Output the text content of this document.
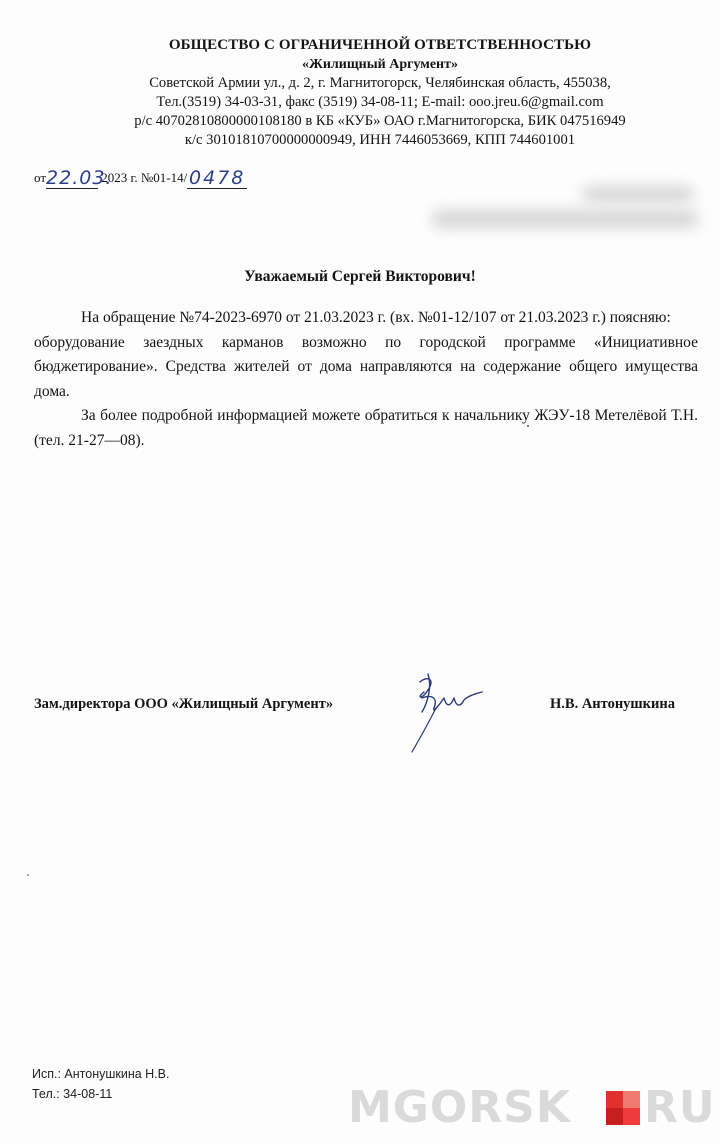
ОБЩЕСТВО С ОГРАНИЧЕННОЙ ОТВЕТСТВЕННОСТЬЮ
«Жилищный Аргумент»
Советской Армии ул., д. 2, г. Магнитогорск, Челябинская область, 455038,
Тел.(3519) 34-03-31, факс (3519) 34-08-11; E-mail: ooo.jreu.6@gmail.com
р/с 40702810800000108180 в КБ «КУБ» ОАО г.Магнитогорска, БИК 047516949
к/с 30101810700000000949, ИНН 7446053669, КПП 744601001
от22.03. 2023 г. №01-14/0478
Уважаемый Сергей Викторович!

На обращение №74-2023-6970 от 21.03.2023 г. (вх. №01-12/107 от 21.03.2023 г.) поясняю:

оборудование заездных карманов возможно по городской программе «Инициативное бюджетирование». Средства жителей от дома направляются на содержание общего имущества дома.

За более подробной информацией можете обратиться к начальнику ЖЭУ-18 Метелёвой Т.Н. (тел. 21-27—08).

Зам.директора ООО «Жилищный Аргумент»	Н.В. Антонушкина
Исп.: Антонушкина Н.В.
Тел.: 34-08-11	MGORSK RU
